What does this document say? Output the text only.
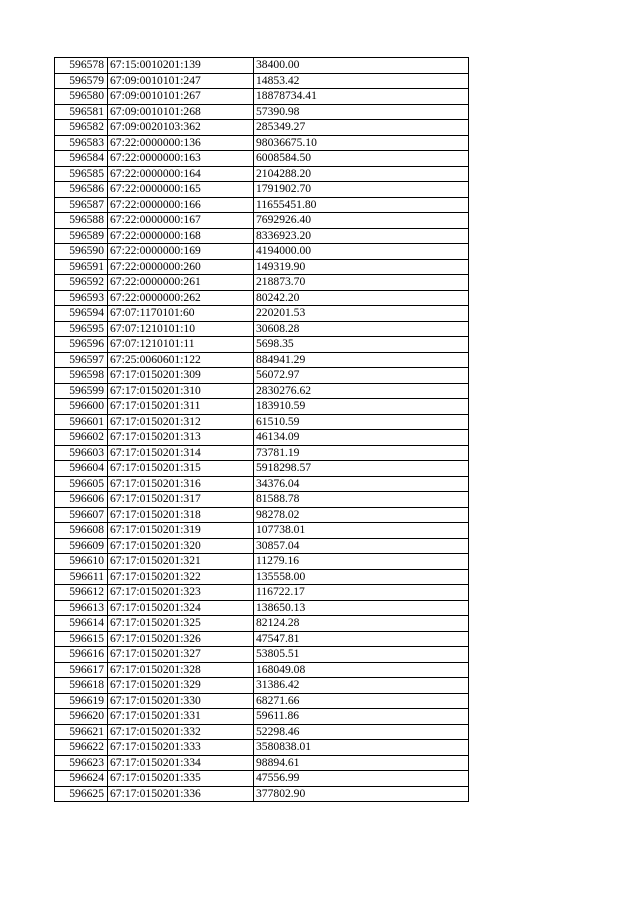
596578	67:15:0010201:139	38400.00
596579	67:09:0010101:247	14853.42
596580	67:09:0010101:267	18878734.41
596581	67:09:0010101:268	57390.98
596582	67:09:0020103:362	285349.27
596583	67:22:0000000:136	98036675.10
596584	67:22:0000000:163	6008584.50
596585	67:22:0000000:164	2104288.20
596586	67:22:0000000:165	1791902.70
596587	67:22:0000000:166	11655451.80
596588	67:22:0000000:167	7692926.40
596589	67:22:0000000:168	8336923.20
596590	67:22:0000000:169	4194000.00
596591	67:22:0000000:260	149319.90
596592	67:22:0000000:261	218873.70
596593	67:22:0000000:262	80242.20
596594	67:07:1170101:60	220201.53
596595	67:07:1210101:10	30608.28
596596	67:07:1210101:11	5698.35
596597	67:25:0060601:122	884941.29
596598	67:17:0150201:309	56072.97
596599	67:17:0150201:310	2830276.62
596600	67:17:0150201:311	183910.59
596601	67:17:0150201:312	61510.59
596602	67:17:0150201:313	46134.09
596603	67:17:0150201:314	73781.19
596604	67:17:0150201:315	5918298.57
596605	67:17:0150201:316	34376.04
596606	67:17:0150201:317	81588.78
596607	67:17:0150201:318	98278.02
596608	67:17:0150201:319	107738.01
596609	67:17:0150201:320	30857.04
596610	67:17:0150201:321	11279.16
596611	67:17:0150201:322	135558.00
596612	67:17:0150201:323	116722.17
596613	67:17:0150201:324	138650.13
596614	67:17:0150201:325	82124.28
596615	67:17:0150201:326	47547.81
596616	67:17:0150201:327	53805.51
596617	67:17:0150201:328	168049.08
596618	67:17:0150201:329	31386.42
596619	67:17:0150201:330	68271.66
596620	67:17:0150201:331	59611.86
596621	67:17:0150201:332	52298.46
596622	67:17:0150201:333	3580838.01
596623	67:17:0150201:334	98894.61
596624	67:17:0150201:335	47556.99
596625	67:17:0150201:336	377802.90
